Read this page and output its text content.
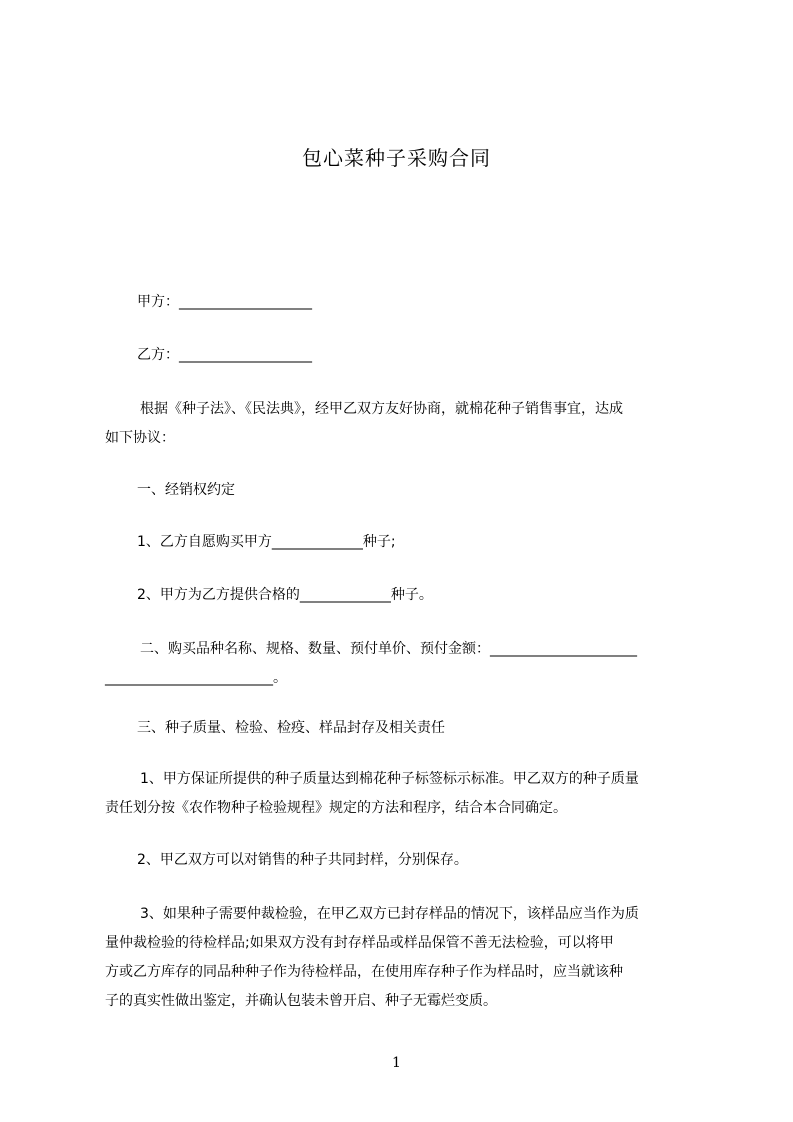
包心菜种子采购合同
甲方：___________________
乙方：___________________
根据《种子法》、《民法典》，经甲乙双方友好协商，就棉花种子销售事宜，达成
如下协议：
一、经销权约定
1、乙方自愿购买甲方_____________种子;
2、甲方为乙方提供合格的_____________种子。
二、购买品种名称、规格、数量、预付单价、预付金额：_____________________
________________________。
三、种子质量、检验、检疫、样品封存及相关责任
1、甲方保证所提供的种子质量达到棉花种子标签标示标准。甲乙双方的种子质量
责任划分按《农作物种子检验规程》规定的方法和程序，结合本合同确定。
2、甲乙双方可以对销售的种子共同封样，分别保存。
3、如果种子需要仲裁检验，在甲乙双方已封存样品的情况下，该样品应当作为质
量仲裁检验的待检样品;如果双方没有封存样品或样品保管不善无法检验，可以将甲
方或乙方库存的同品种种子作为待检样品，在使用库存种子作为样品时，应当就该种
子的真实性做出鉴定，并确认包装未曾开启、种子无霉烂变质。
1
